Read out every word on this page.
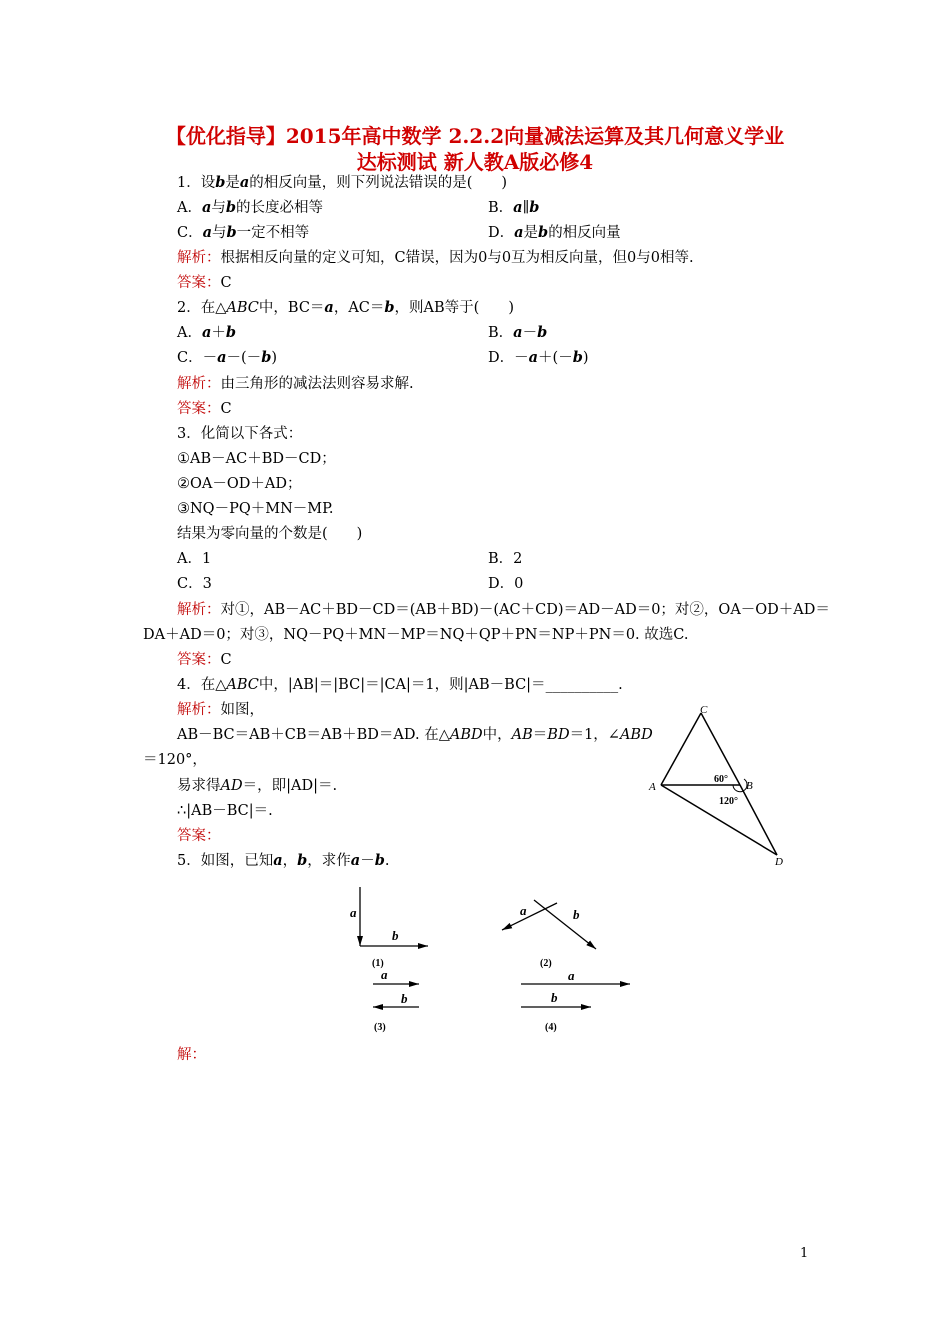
【优化指导】2015年高中数学 2.2.2向量减法运算及其几何意义学业
达标测试 新人教A版必修4
1．设b是a的相反向量，则下列说法错误的是(　　)
A．a与b的长度必相等	B．a∥b
C．a与b一定不相等	D．a是b的相反向量
解析：根据相反向量的定义可知，C错误，因为0与0互为相反向量，但0与0相等.
答案：C
2．在△ABC中，BC＝a，AC＝b，则AB等于(　　)
A．a＋b	B．a－b
C．－a－(－b)	D．－a＋(－b)
解析：由三角形的减法法则容易求解.
答案：C
3．化简以下各式：
①AB－AC＋BD－CD；
②OA－OD＋AD；
③NQ－PQ＋MN－MP.
结果为零向量的个数是(　　)
A．1	B．2
C．3	D．0
解析：对①，AB－AC＋BD－CD＝(AB＋BD)－(AC＋CD)＝AD－AD＝0；对②，OA－OD＋AD＝
DA＋AD＝0；对③，NQ－PQ＋MN－MP＝NQ＋QP＋PN＝NP＋PN＝0. 故选C.
答案：C
4．在△ABC中，|AB|＝|BC|＝|CA|＝1，则|AB－BC|＝__________.
解析：如图，
AB－BC＝AB＋CB＝AB＋BD＝AD. 在△ABD中，AB＝BD＝1，∠ABD
＝120°，
易求得AD＝，即|AD|＝.
∴|AB－BC|＝.
答案：
C
A	B
D
60°
120°
5．如图，已知a，b，求作a－b.
a
b
(1)
a	b
(2)
a
b
(3)
a
b
(4)
解：
1
